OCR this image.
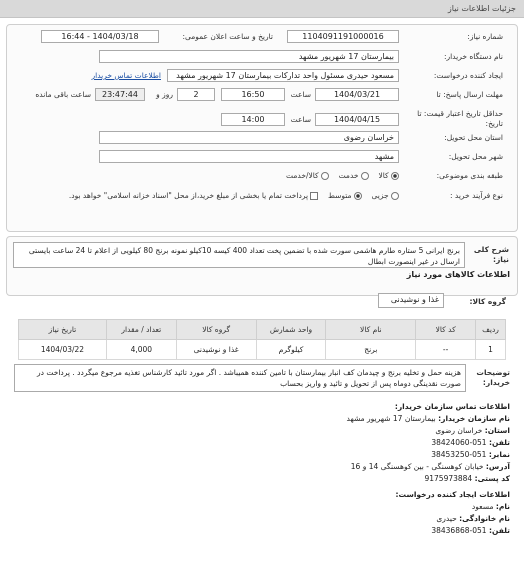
جزئیات اطلاعات نیاز
شماره نیاز:
1104091191000016
تاریخ و ساعت اعلان عمومی:
1404/03/18 - 16:44
نام دستگاه خریدار:
بیمارستان 17 شهریور مشهد
ایجاد کننده درخواست:
مسعود حیدری مسئول واحد تدارکات بیمارستان 17 شهریور مشهد
اطلاعات تماس خریدار
مهلت ارسال پاسخ: تا
1404/03/21
ساعت
16:50
2
روز و
23:47:44
ساعت باقی مانده
حداقل تاریخ اعتبار قیمت: تا تاریخ:
1404/04/15
ساعت
14:00
استان محل تحویل:
خراسان رضوی
شهر محل تحویل:
مشهد
طبقه بندی موضوعی:
کالا     خدمت     کالا/خدمت
نوع فرآیند خرید :
جزیی     متوسط     پرداخت تمام یا بخشی از مبلغ خرید،از محل "اسناد خزانه اسلامی" خواهد بود.
شرح کلی نیاز:
برنج ایرانی 5 ستاره طارم هاشمی سورت شده با تضمین پخت تعداد 400 کیسه 10کیلو نمونه برنج 80 کیلویی از اعلام تا 24 ساعت بایستی ارسال در غیر اینصورت ابطال
اطلاعات کالاهای مورد نیاز
گروه کالا:
غذا و نوشیدنی
ردیف	کد کالا	نام کالا	واحد شمارش	گروه کالا	تعداد / مقدار	تاریخ نیاز
1	--	برنج	کیلوگرم	غذا و نوشیدنی	4,000	1404/03/22
توضیحات خریدار:
هزینه حمل و تخلیه برنج و چیدمان کف انبار بیمارستان با تامین کننده همیباشد . اگر مورد تائید کارشناس تغذیه مرجوع میگردد . پرداخت در صورت نقدینگی دوماه پس از تحویل و تائید و واریز بحساب

اطلاعات تماس سازمان خریدار:

نام سازمان خریدار: بیمارستان 17 شهریور مشهد

استان: خراسان رضوی

تلفن: 051-38424060

نمابر: 051-38453250

آدرس: خیابان کوهسنگی - بین کوهسنگی 14 و 16

کد پستی: 9175973884

اطلاعات ایجاد کننده درخواست:

نام: مسعود

نام خانوادگی: حیدری

تلفن: 051-38436868
